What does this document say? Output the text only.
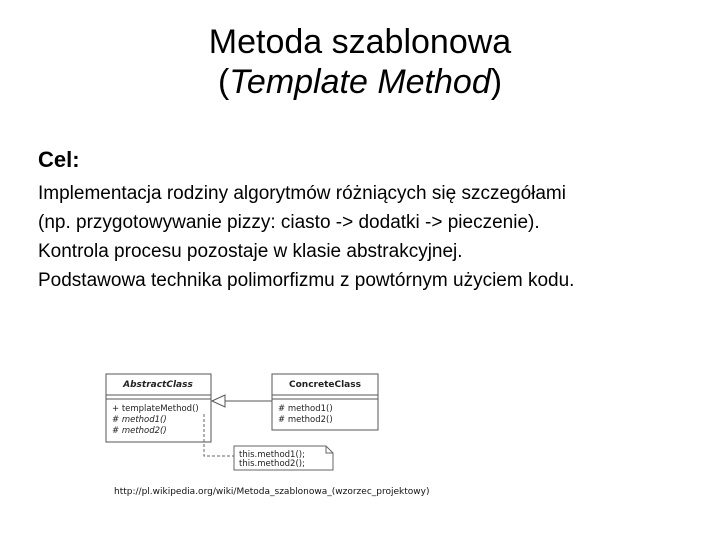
Metoda szablonowa
(Template Method)
Cel:
Implementacja rodziny algorytmów różniących się szczegółami
(np. przygotowywanie pizzy: ciasto -> dodatki -> pieczenie).
Kontrola procesu pozostaje w klasie abstrakcyjnej.
Podstawowa technika polimorfizmu z powtórnym użyciem kodu.
AbstractClass
+ templateMethod()
# method1()
# method2()
ConcreteClass
# method1()
# method2()
this.method1();
this.method2();
http://pl.wikipedia.org/wiki/Metoda_szablonowa_(wzorzec_projektowy)
